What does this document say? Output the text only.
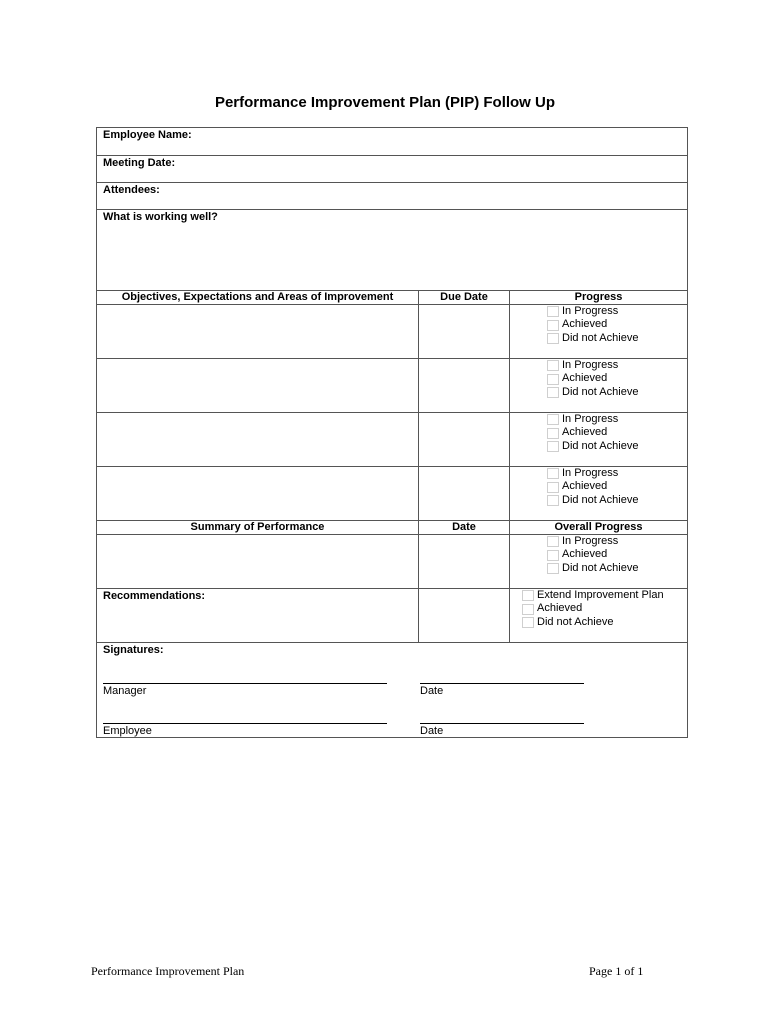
Performance Improvement Plan (PIP) Follow Up
Employee Name:		
Meeting Date:		
Attendees:		
What is working well?		
Objectives, Expectations and Areas of Improvement	Due Date	Progress

		In Progress
Achieved
Did not Achieve

		In Progress
Achieved
Did not Achieve

		In Progress
Achieved
Did not Achieve

		In Progress
Achieved
Did not Achieve

Summary of Performance	Date	Overall Progress

		In Progress
Achieved
Did not Achieve

Recommendations:		Extend Improvement Plan
Achieved
Did not Achieve

Signatures:		
Manager	Date
Employee	Date
Performance Improvement Plan	Page 1 of 1
